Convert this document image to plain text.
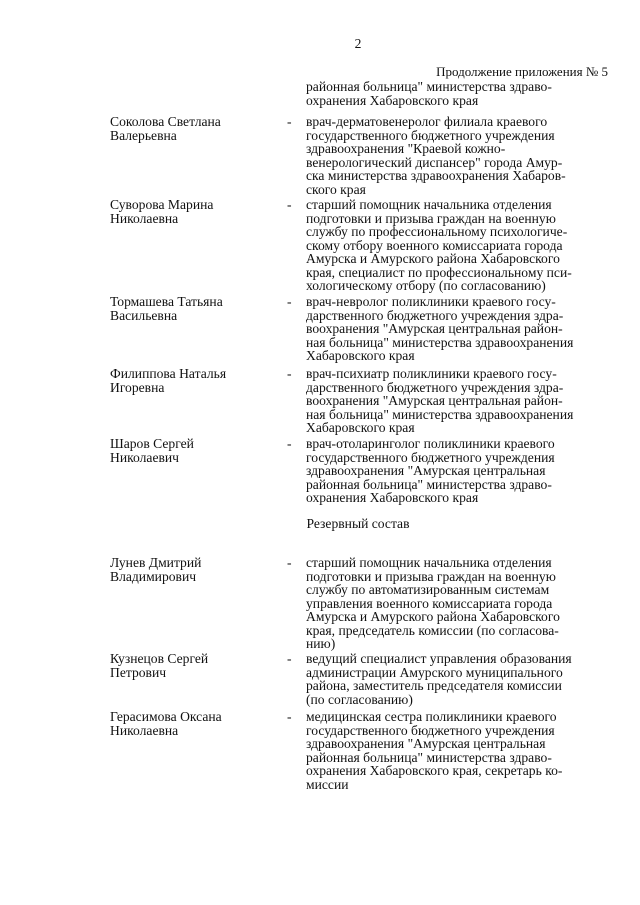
2
Продолжение приложения № 5
районная больница" министерства здраво-
охранения Хабаровского края
Соколова Светлана
Валерьевна
- врач-дерматовенеролог филиала краевого
государственного бюджетного учреждения
здравоохранения "Краевой кожно-
венерологический диспансер" города Амур-
ска министерства здравоохранения Хабаров-
ского края
Суворова Марина
Николаевна
- старший помощник начальника отделения
подготовки и призыва граждан на военную
службу по профессиональному психологиче-
скому отбору военного комиссариата города
Амурска и Амурского района Хабаровского
края, специалист по профессиональному пси-
хологическому отбору (по согласованию)
Тормашева Татьяна
Васильевна
- врач-невролог поликлиники краевого госу-
дарственного бюджетного учреждения здра-
воохранения "Амурская центральная район-
ная больница" министерства здравоохранения
Хабаровского края
Филиппова Наталья
Игоревна
- врач-психиатр поликлиники краевого госу-
дарственного бюджетного учреждения здра-
воохранения "Амурская центральная район-
ная больница" министерства здравоохранения
Хабаровского края
Шаров Сергей
Николаевич
- врач-отоларинголог поликлиники краевого
государственного бюджетного учреждения
здравоохранения "Амурская центральная
районная больница" министерства здраво-
охранения Хабаровского края
Резервный состав
Лунев Дмитрий
Владимирович
- старший помощник начальника отделения
подготовки и призыва граждан на военную
службу по автоматизированным системам
управления военного комиссариата города
Амурска и Амурского района Хабаровского
края, председатель комиссии (по согласова-
нию)
Кузнецов Сергей
Петрович
- ведущий специалист управления образования
администрации Амурского муниципального
района, заместитель председателя комиссии
(по согласованию)
Герасимова Оксана
Николаевна
- медицинская сестра поликлиники краевого
государственного бюджетного учреждения
здравоохранения "Амурская центральная
районная больница" министерства здраво-
охранения Хабаровского края, секретарь ко-
миссии
